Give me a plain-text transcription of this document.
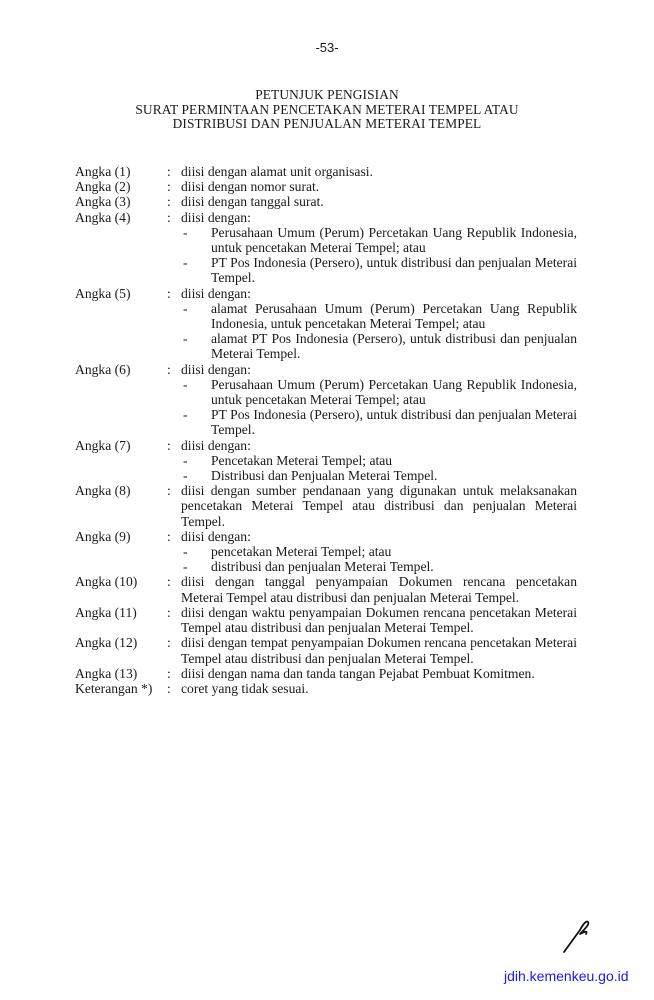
-53-
PETUNJUK PENGISIAN
SURAT PERMINTAAN PENCETAKAN METERAI TEMPEL ATAU
DISTRIBUSI DAN PENJUALAN METERAI TEMPEL
Angka (1)	: diisi dengan alamat unit organisasi.
Angka (2)	: diisi dengan nomor surat.
Angka (3)	: diisi dengan tanggal surat.
Angka (4)	: diisi dengan:
-	Perusahaan Umum (Perum) Percetakan Uang Republik Indonesia, untuk pencetakan Meterai Tempel; atau
-	PT Pos Indonesia (Persero), untuk distribusi dan penjualan Meterai Tempel.
Angka (5)	: diisi dengan:
-	alamat Perusahaan Umum (Perum) Percetakan Uang Republik Indonesia, untuk pencetakan Meterai Tempel; atau
-	alamat PT Pos Indonesia (Persero), untuk distribusi dan penjualan Meterai Tempel.
Angka (6)	: diisi dengan:
-	Perusahaan Umum (Perum) Percetakan Uang Republik Indonesia, untuk pencetakan Meterai Tempel; atau
-	PT Pos Indonesia (Persero), untuk distribusi dan penjualan Meterai Tempel.
Angka (7)	: diisi dengan:
-	Pencetakan Meterai Tempel; atau
-	Distribusi dan Penjualan Meterai Tempel.
Angka (8)	: diisi dengan sumber pendanaan yang digunakan untuk melaksanakan pencetakan Meterai Tempel atau distribusi dan penjualan Meterai Tempel.
Angka (9)	: diisi dengan:
-	pencetakan Meterai Tempel; atau
-	distribusi dan penjualan Meterai Tempel.
Angka (10)	: diisi dengan tanggal penyampaian Dokumen rencana pencetakan Meterai Tempel atau distribusi dan penjualan Meterai Tempel.
Angka (11)	: diisi dengan waktu penyampaian Dokumen rencana pencetakan Meterai Tempel atau distribusi dan penjualan Meterai Tempel.
Angka (12)	: diisi dengan tempat penyampaian Dokumen rencana pencetakan Meterai Tempel atau distribusi dan penjualan Meterai Tempel.
Angka (13)	: diisi dengan nama dan tanda tangan Pejabat Pembuat Komitmen.
Keterangan *)	: coret yang tidak sesuai.
jdih.kemenkeu.go.id
